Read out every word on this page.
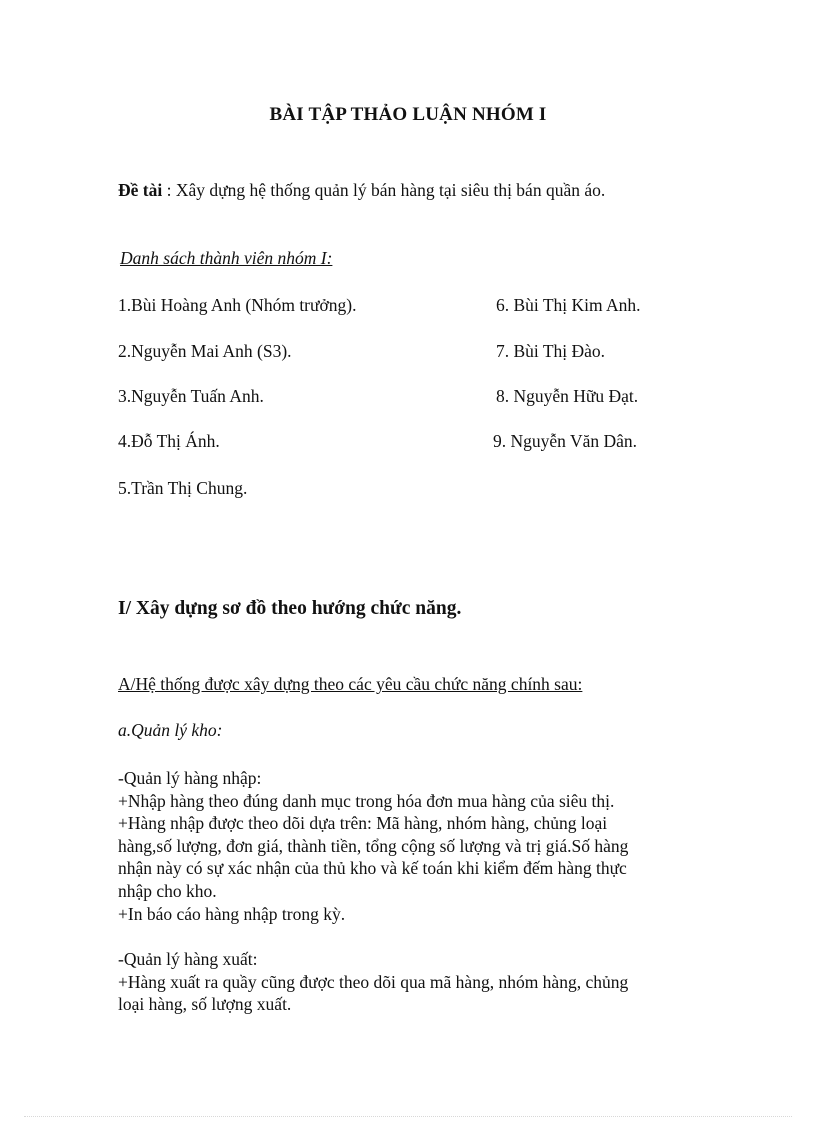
BÀI TẬP THẢO LUẬN NHÓM I
Đề tài : Xây dựng hệ thống quản lý bán hàng tại siêu thị bán quần áo.
Danh sách thành viên nhóm I:
1.Bùi Hoàng Anh (Nhóm trưởng).
2.Nguyễn Mai Anh (S3).
3.Nguyễn Tuấn Anh.
4.Đỗ Thị Ánh.
5.Trần Thị Chung.
6. Bùi Thị Kim Anh.
7. Bùi Thị Đào.
8. Nguyễn Hữu Đạt.
9. Nguyễn Văn Dân.
I/ Xây dựng sơ đồ theo hướng chức năng.
A/Hệ thống được xây dựng theo các yêu cầu chức năng chính sau:
a.Quản lý kho:
-Quản lý hàng nhập:
+Nhập hàng theo đúng danh mục trong hóa đơn mua hàng của siêu thị.
+Hàng nhập được theo dõi dựa trên: Mã hàng, nhóm hàng, chủng loại
hàng,số lượng, đơn giá, thành tiền, tổng cộng số lượng và trị giá.Số hàng
nhận này có sự xác nhận của thủ kho và kế toán khi kiểm đếm hàng thực
nhập cho kho.
+In báo cáo hàng nhập trong kỳ.
-Quản lý hàng xuất:
+Hàng xuất ra quầy cũng được theo dõi qua mã hàng, nhóm hàng, chủng
loại hàng, số lượng xuất.
